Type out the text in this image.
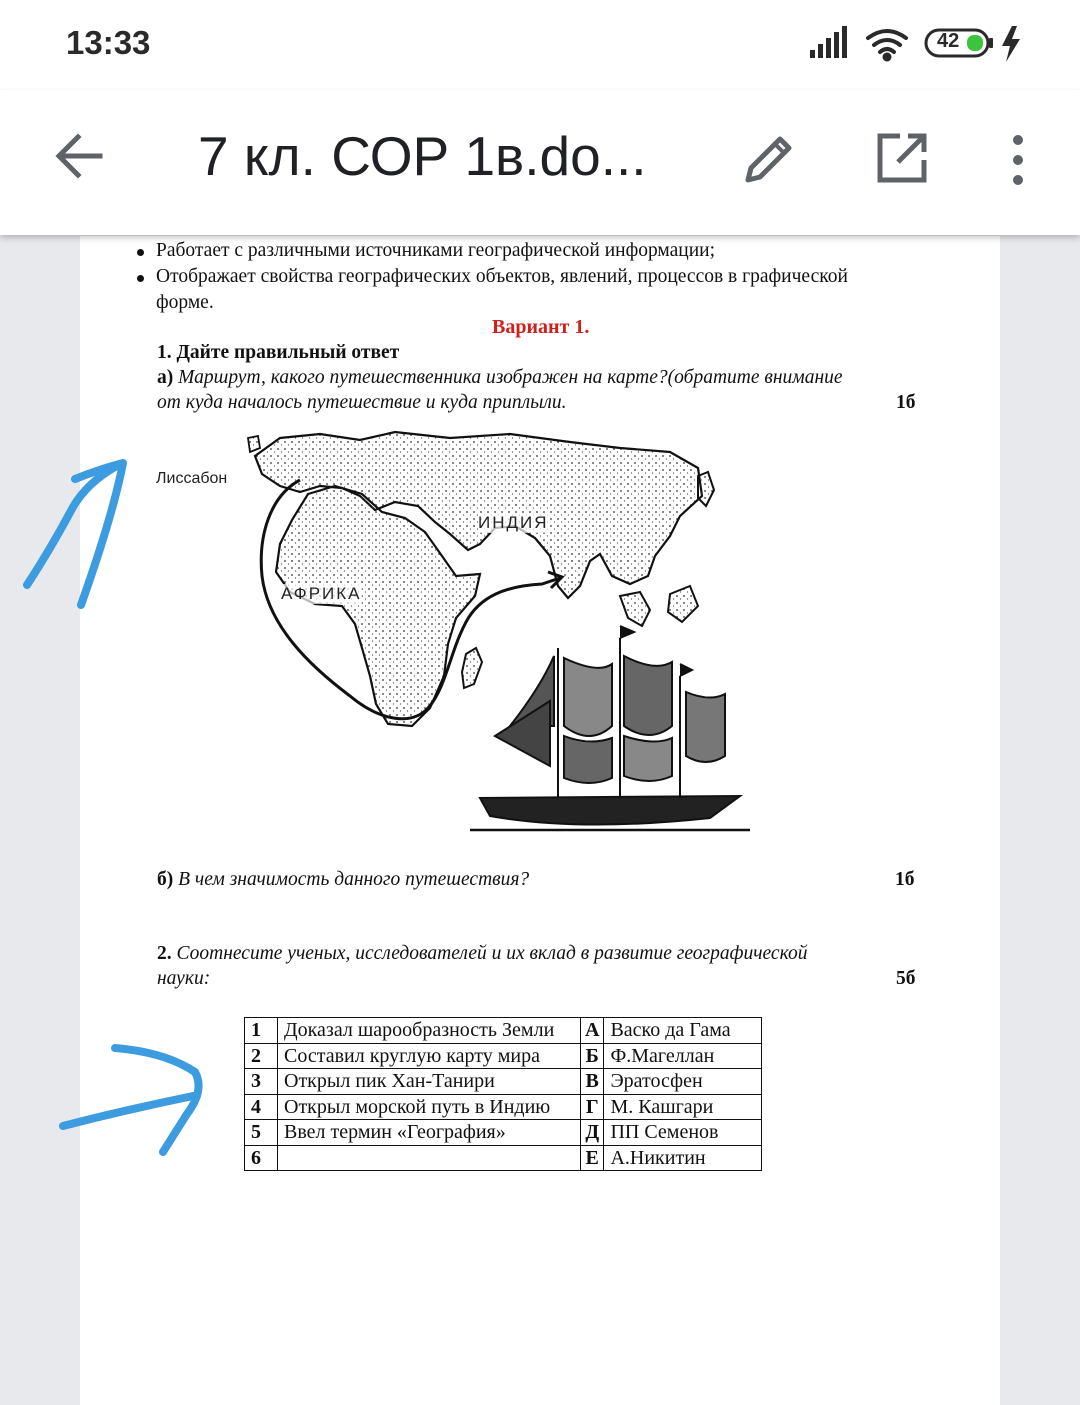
13:33	42
7 кл. СОР 1в.do...
Работает с различными источниками географической информации;
Отображает свойства географических объектов, явлений, процессов в графической
форме.
Вариант 1.
1. Дайте правильный ответ
а) Маршрут, какого путешественника изображен на карте?(обратите внимание
от куда началось путешествие и куда приплыли.	1б
Лиссабон
ИНДИЯ
АФРИКА
б) В чем значимость данного путешествия?	1б
2. Соотнесите ученых, исследователей и их вклад в развитие географической
науки:	5б
1	Доказал шарообразность Земли	А	Васко да Гама
2	Составил круглую карту мира	Б	Ф.Магеллан
3	Открыл пик Хан-Танири	В	Эратосфен
4	Открыл морской путь в Индию	Г	М. Кашгари
5	Ввел термин «География»	Д	ПП Семенов
6		Е	А.Никитин
